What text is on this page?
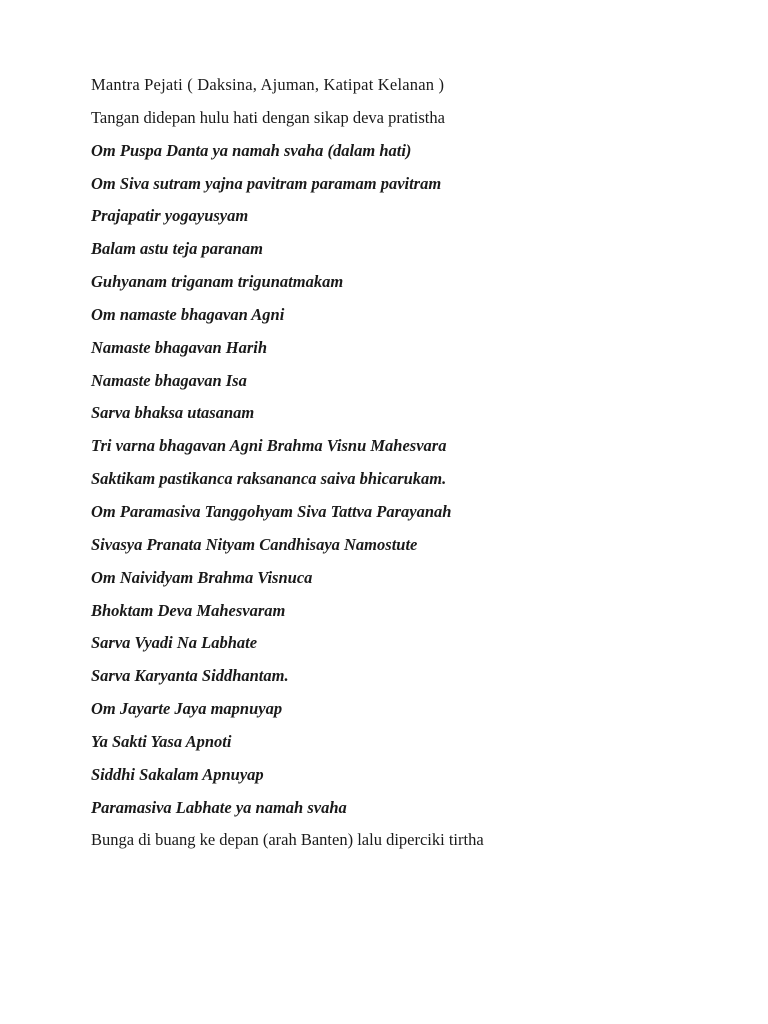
Mantra Pejati ( Daksina, Ajuman, Katipat Kelanan )
Tangan didepan hulu hati dengan sikap deva pratistha
Om Puspa Danta ya namah svaha (dalam hati)
Om Siva sutram yajna pavitram paramam pavitram
Prajapatir yogayusyam
Balam astu teja paranam
Guhyanam triganam trigunatmakam
Om namaste bhagavan Agni
Namaste bhagavan Harih
Namaste bhagavan Isa
Sarva bhaksa utasanam
Tri varna bhagavan Agni Brahma Visnu Mahesvara
Saktikam pastikanca raksananca saiva bhicarukam.
Om Paramasiva Tanggohyam Siva Tattva Parayanah
Sivasya Pranata Nityam Candhisaya Namostute
Om Naividyam Brahma Visnuca
Bhoktam Deva Mahesvaram
Sarva Vyadi Na Labhate
Sarva Karyanta Siddhantam.
Om Jayarte Jaya mapnuyap
Ya Sakti Yasa Apnoti
Siddhi Sakalam Apnuyap
Paramasiva Labhate ya namah svaha
Bunga di buang ke depan (arah Banten) lalu diperciki tirtha
